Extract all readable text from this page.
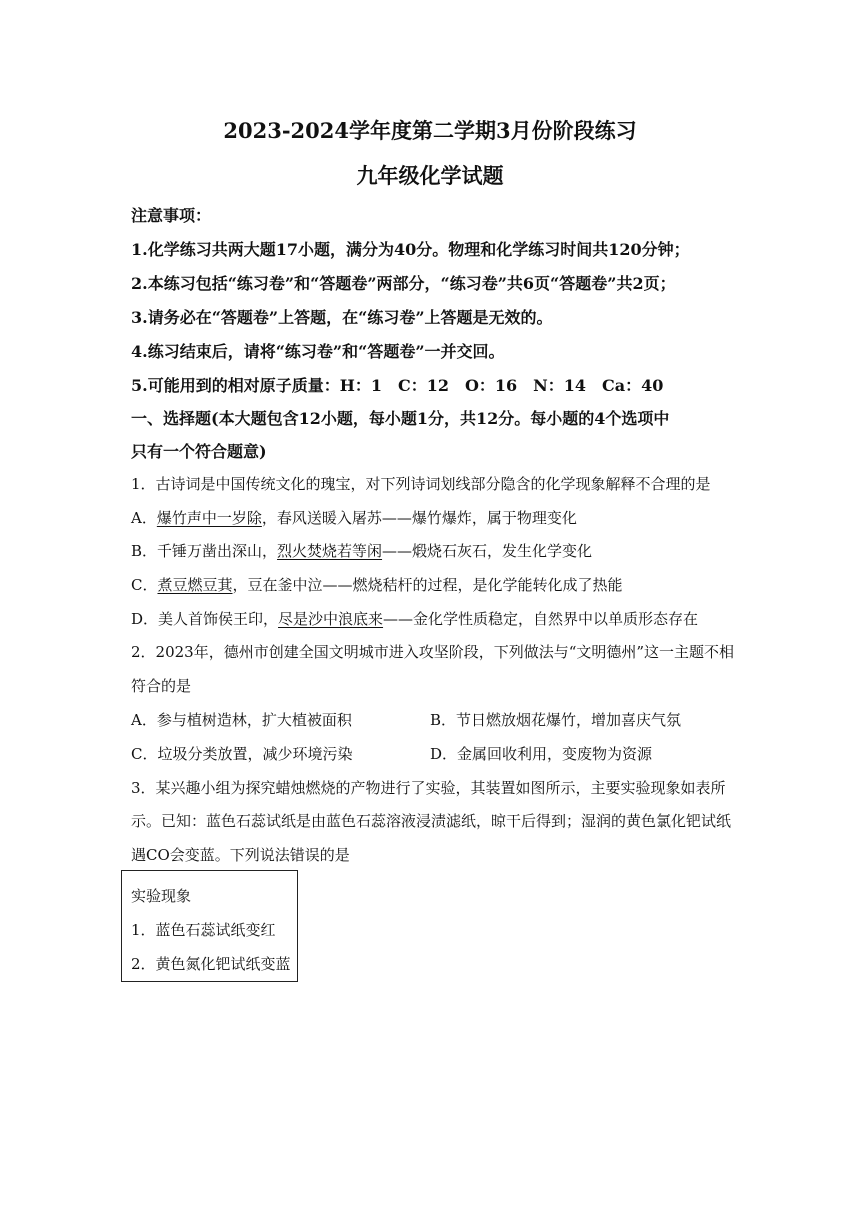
2023-2024学年度第二学期3月份阶段练习
九年级化学试题
注意事项：
1.化学练习共两大题17小题，满分为40分。物理和化学练习时间共120分钟；
2.本练习包括“练习卷”和“答题卷”两部分，“练习卷”共6页“答题卷”共2页；
3.请务必在“答题卷”上答题，在“练习卷”上答题是无效的。
4.练习结束后，请将“练习卷”和“答题卷”一并交回。
5.可能用到的相对原子质量：H：1　C：12　O：16　N：14　Ca：40
一、选择题(本大题包含12小题，每小题1分，共12分。每小题的4个选项中
只有一个符合题意)
1．古诗词是中国传统文化的瑰宝，对下列诗词划线部分隐含的化学现象解释不合理的是
A．爆竹声中一岁除，春风送暖入屠苏——爆竹爆炸，属于物理变化
B．千锤万凿出深山，烈火焚烧若等闲——煅烧石灰石，发生化学变化
C．煮豆燃豆萁，豆在釜中泣——燃烧秸杆的过程，是化学能转化成了热能
D．美人首饰侯王印，尽是沙中浪底来——金化学性质稳定，自然界中以单质形态存在
2．2023年，德州市创建全国文明城市进入攻坚阶段，下列做法与“文明德州”这一主题不相
符合的是
A．参与植树造林，扩大植被面积	B．节日燃放烟花爆竹，增加喜庆气氛
C．垃圾分类放置，减少环境污染	D．金属回收利用，变废物为资源
3．某兴趣小组为探究蜡烛燃烧的产物进行了实验，其装置如图所示，主要实验现象如表所
示。已知：蓝色石蕊试纸是由蓝色石蕊溶液浸渍滤纸，晾干后得到；湿润的黄色氯化钯试纸
遇CO会变蓝。下列说法错误的是
实验现象
1．蓝色石蕊试纸变红
2．黄色氮化钯试纸变蓝
